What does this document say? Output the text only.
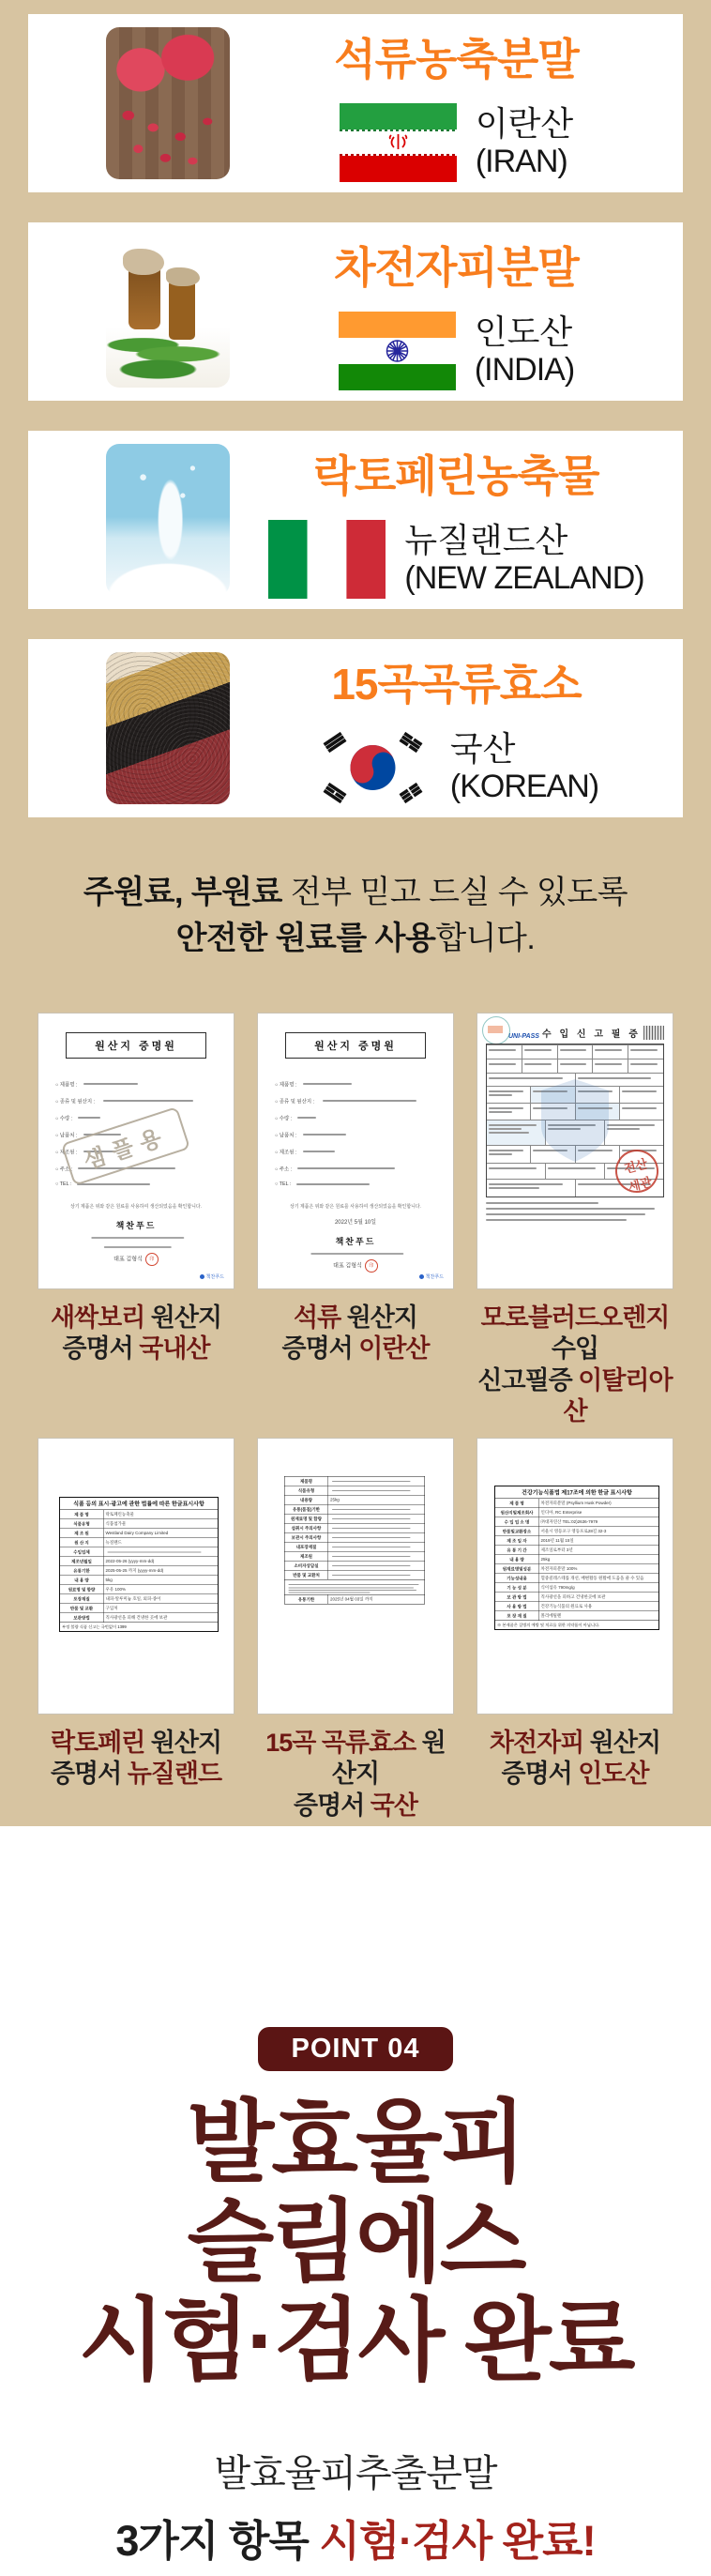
석류농축분말
이란산
(IRAN)
차전자피분말
인도산
(INDIA)
락토페린농축물
뉴질랜드산
(NEW ZEALAND)
15곡곡류효소
국산
(KOREAN)
주원료, 부원료 전부 믿고 드실 수 있도록
안전한 원료를 사용합니다.
원산지 증명원
○ 제품명 :
○ 종류 및 원산지 :
○ 수량 :
○ 납품처 :
○ 제조원 :
○ 주소 :
○ TEL :
상기 제품은 위와 같은 원료를 사용하여 생산되었음을 확인합니다.
책찬푸드
대표 김형식 印
샘플용
책찬푸드
새싹보리 원산지
증명서 국내산
원산지 증명원
○ 제품명 :
○ 종류 및 원산지 :
○ 수량 :
○ 납품처 :
○ 제조원 :
○ 주소 :
○ TEL :
상기 제품은 위와 같은 원료를 사용하여 생산되었음을 확인합니다.
2022년 5월 10일
책찬푸드
대표 김형식 印
책찬푸드
석류 원산지
증명서 이란산
UNI-PASS 수 입 신 고 필 증
전산
세관
모로블러드오렌지 수입
신고필증 이탈리아산
식품 등의 표시·광고에 관한 법률에 따른 한글표시사항
제 품 명	락토페린농축물
식품유형	식품첨가물
제 조 원	Westland Dairy Company Limited
원 산 지	뉴질랜드
수입업체
제조년월일	2022-05-26 (yyyy-mm-dd)
유통기한	2025-05-25 까지 (yyyy-mm-dd)
내 용 량	5kg
원료명 및 함량	우유 100%
포장재질	내피-알루미늄 호일, 외피-종이
반품 및 교환	구입처
보관방법	직사광선을 피해 건냉한 곳에 보관
부정 불량 식품 신고는 국번없이 1399
락토페린 원산지
증명서 뉴질랜드
제품명
식품유형
내용량	25kg
유통(품질)기한
원재료명 및 함량
섭취시 주의사항
보관시 주의사항
내포장재질
제조원
소비자상담실
반품 및 교환처
유통기한	2025년 04월 03일 까지
15곡 곡류효소 원산지
증명서 국산
건강기능식품법 제17조에 의한 한글 표시사항
제 품 명	차전자피분말 (Psyllium Husk Powder)
원산지및제조회사 인디아, RC Enterprise
수 입 업 소 명	㈜대자연산 TEL:02)2636-7979
반품및교환장소	서울시 영등포구 영등포로28길 32-3
제 조 일 자	2019년 11월 15일
유 통 기 간	제조일로부터 3년
내 용 량	25kg
원재료명및성분	차전자피분말 100%
기능성내용	혈중콜레스테롤 개선, 배변활동 원활에 도움을 줄 수 있음
기 능 성 분	식이섬유 790mg/g
보 관 방 법	직사광선을 피하고 건냉한곳에 보관
사 용 방 법	건강기능식품의 원료로 사용
포 장 재 질	폴리에틸렌
※ 본제품은 질병의 예방 및 치료를 위한 의약품이 아닙니다.
차전자피 원산지
증명서 인도산
POINT 04
발효율피
슬림에스
시험·검사 완료
발효율피추출분말
3가지 항목 시험·검사 완료!
